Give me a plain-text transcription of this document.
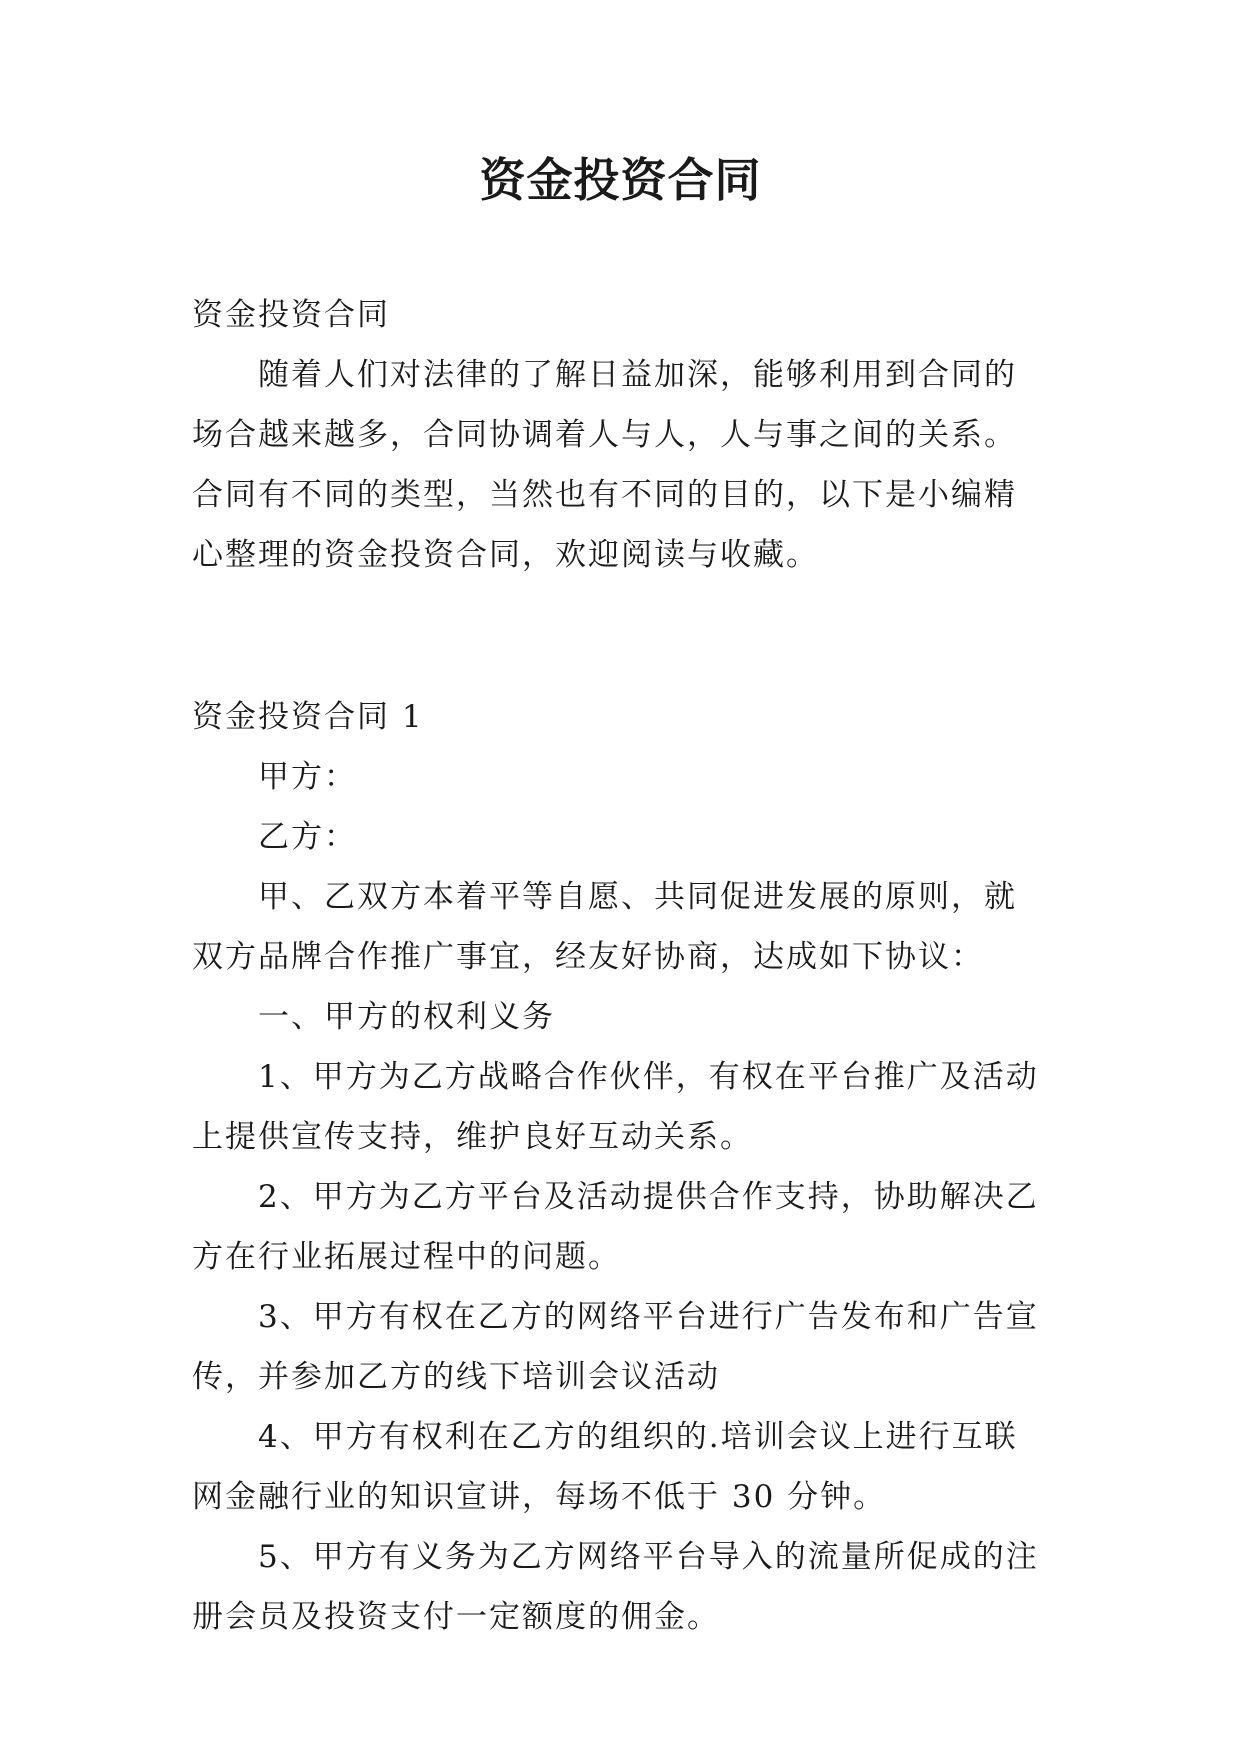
资金投资合同

资金投资合同

随着人们对法律的了解日益加深，能够利用到合同的场合越来越多，合同协调着人与人，人与事之间的关系。合同有不同的类型，当然也有不同的目的，以下是小编精心整理的资金投资合同，欢迎阅读与收藏。

资金投资合同 1

甲方：

乙方：

甲、乙双方本着平等自愿、共同促进发展的原则，就双方品牌合作推广事宜，经友好协商，达成如下协议：

一、甲方的权利义务

1、甲方为乙方战略合作伙伴，有权在平台推广及活动上提供宣传支持，维护良好互动关系。

2、甲方为乙方平台及活动提供合作支持，协助解决乙方在行业拓展过程中的问题。

3、甲方有权在乙方的网络平台进行广告发布和广告宣传，并参加乙方的线下培训会议活动

4、甲方有权利在乙方的组织的.培训会议上进行互联网金融行业的知识宣讲，每场不低于 30 分钟。

5、甲方有义务为乙方网络平台导入的流量所促成的注册会员及投资支付一定额度的佣金。
